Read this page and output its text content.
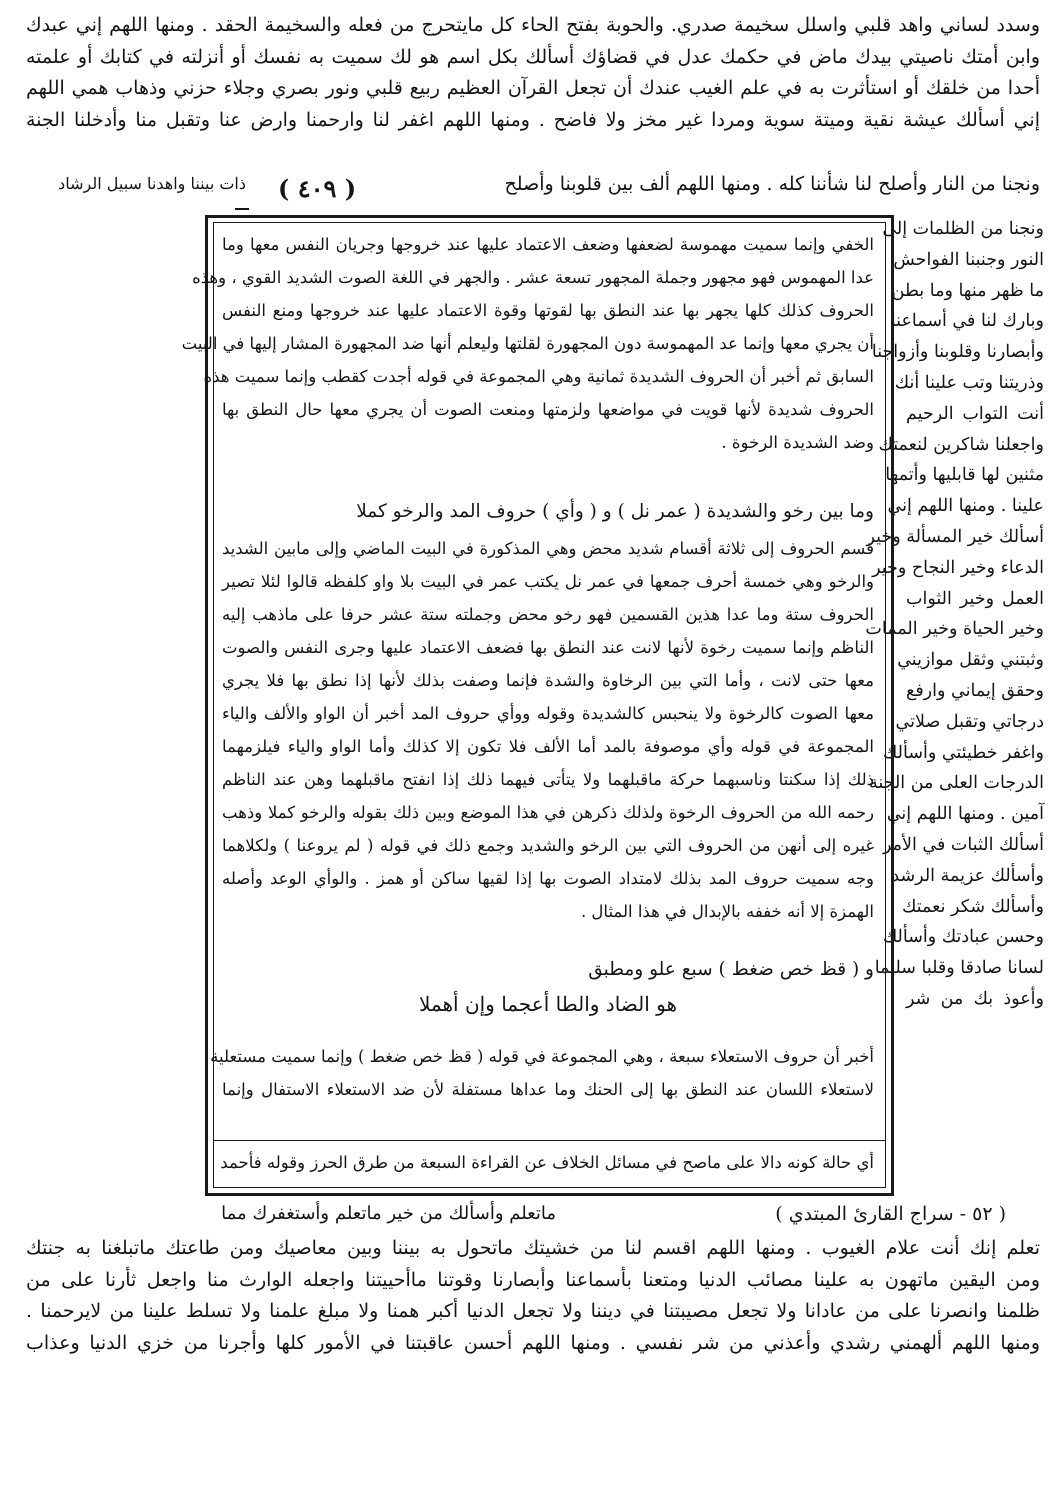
وسدد لساني واهد قلبي واسلل سخيمة صدري. والحوبة بفتح الحاء كل مايتحرج من فعله والسخيمة الحقد . ومنها اللهم إني عبدك
وابن أمتك ناصيتي بيدك ماض في حكمك عدل في قضاؤك أسألك بكل اسم هو لك سميت به نفسك أو أنزلته في كتابك أو علمته
أحدا من خلقك أو استأثرت به في علم الغيب عندك أن تجعل القرآن العظيم ربيع قلبي ونور بصري وجلاء حزني وذهاب همي اللهم
إني أسألك عيشة نقية وميتة سوية ومردا غير مخز ولا فاضح . ومنها اللهم اغفر لنا وارحمنا وارض عنا وتقبل منا وأدخلنا الجنة
ونجنا من النار وأصلح لنا شأننا كله . ومنها اللهم ألف بين قلوبنا وأصلح
ذات بيننا واهدنا سبيل الرشاد ( ٤٠٩ )
ونجنا من الظلمات إلى
النور وجنبنا الفواحش
ما ظهر منها وما بطن
وبارك لنا في أسماعنا
وأبصارنا وقلوبنا وأزواجنا
وذريتنا وتب علينا أنك
أنت التواب الرحيم
واجعلنا شاكرين لنعمتك
مثنين لها قابليها وأتمها
علينا . ومنها اللهم إني
أسألك خير المسألة وخير
الدعاء وخير النجاح وخير
العمل وخير الثواب
وخير الحياة وخير الممات
وثبتني وثقل موازيني
وحقق إيماني وارفع
درجاتي وتقبل صلاتي
واغفر خطيئتي وأسألك
الدرجات العلى من الجنة
آمين . ومنها اللهم إني
أسألك الثبات في الأمر
وأسألك عزيمة الرشد
وأسألك شكر نعمتك
وحسن عبادتك وأسألك
لسانا صادقا وقلبا سليما
وأعوذ بك من شر
الخفي وإنما سميت مهموسة لضعفها وضعف الاعتماد عليها عند خروجها وجريان النفس معها وما
عدا المهموس فهو مجهور وجملة المجهور تسعة عشر . والجهر في اللغة الصوت الشديد القوي ، وهذه
الحروف كذلك كلها يجهر بها عند النطق بها لقوتها وقوة الاعتماد عليها عند خروجها ومنع النفس
أن يجري معها وإنما عد المهموسة دون المجهورة لقلتها وليعلم أنها ضد المجهورة المشار إليها في البيت
السابق ثم أخبر أن الحروف الشديدة ثمانية وهي المجموعة في قوله أجدت كقطب وإنما سميت هذه
الحروف شديدة لأنها قويت في مواضعها ولزمتها ومنعت الصوت أن يجري معها حال النطق بها
وضد الشديدة الرخوة .
وما بين رخو والشديدة ( عمر نل ) و ( وأي ) حروف المد والرخو كملا
قسم الحروف إلى ثلاثة أقسام شديد محض وهي المذكورة في البيت الماضي وإلى مابين الشديد
والرخو وهي خمسة أحرف جمعها في عمر نل يكتب عمر في البيت بلا واو كلفظه قالوا لئلا تصير
الحروف ستة وما عدا هذين القسمين فهو رخو محض وجملته ستة عشر حرفا على ماذهب إليه
الناظم وإنما سميت رخوة لأنها لانت عند النطق بها فضعف الاعتماد عليها وجرى النفس والصوت
معها حتى لانت ، وأما التي بين الرخاوة والشدة فإنما وصفت بذلك لأنها إذا نطق بها فلا يجري
معها الصوت كالرخوة ولا ينحبس كالشديدة وقوله ووأي حروف المد أخبر أن الواو والألف والياء
المجموعة في قوله وأي موصوفة بالمد أما الألف فلا تكون إلا كذلك وأما الواو والياء فيلزمهما
ذلك إذا سكنتا وناسبهما حركة ماقبلهما ولا يتأتى فيهما ذلك إذا انفتح ماقبلهما وهن عند الناظم
رحمه الله من الحروف الرخوة ولذلك ذكرهن في هذا الموضع وبين ذلك بقوله والرخو كملا وذهب
غيره إلى أنهن من الحروف التي بين الرخو والشديد وجمع ذلك في قوله ( لم يروعنا ) ولكلاهما
وجه سميت حروف المد بذلك لامتداد الصوت بها إذا لقيها ساكن أو همز . والوأي الوعد وأصله
الهمزة إلا أنه خففه بالإبدال في هذا المثال .
و ( قظ خص ضغط ) سبع علو ومطبق
هو الضاد والطا أعجما وإن أهملا
أخبر أن حروف الاستعلاء سبعة ، وهي المجموعة في قوله ( قظ خص ضغط ) وإنما سميت مستعلية
لاستعلاء اللسان عند النطق بها إلى الحنك وما عداها مستفلة لأن ضد الاستعلاء الاستفال وإنما
أي حالة كونه دالا على ماصح في مسائل الخلاف عن القراءة السبعة من طرق الحرز وقوله فأحمد
ماتعلم وأسألك من خير ماتعلم وأستغفرك مما	( ٥٢ - سراج القارئ المبتدي )
تعلم إنك أنت علام الغيوب . ومنها اللهم اقسم لنا من خشيتك ماتحول به بيننا وبين معاصيك ومن طاعتك ماتبلغنا به جنتك
ومن اليقين ماتهون به علينا مصائب الدنيا ومتعنا بأسماعنا وأبصارنا وقوتنا ماأحييتنا واجعله الوارث منا واجعل ثأرنا على من
ظلمنا وانصرنا على من عادانا ولا تجعل مصيبتنا في ديننا ولا تجعل الدنيا أكبر همنا ولا مبلغ علمنا ولا تسلط علينا من لايرحمنا .
ومنها اللهم ألهمني رشدي وأعذني من شر نفسي . ومنها اللهم أحسن عاقبتنا في الأمور كلها وأجرنا من خزي الدنيا وعذاب
